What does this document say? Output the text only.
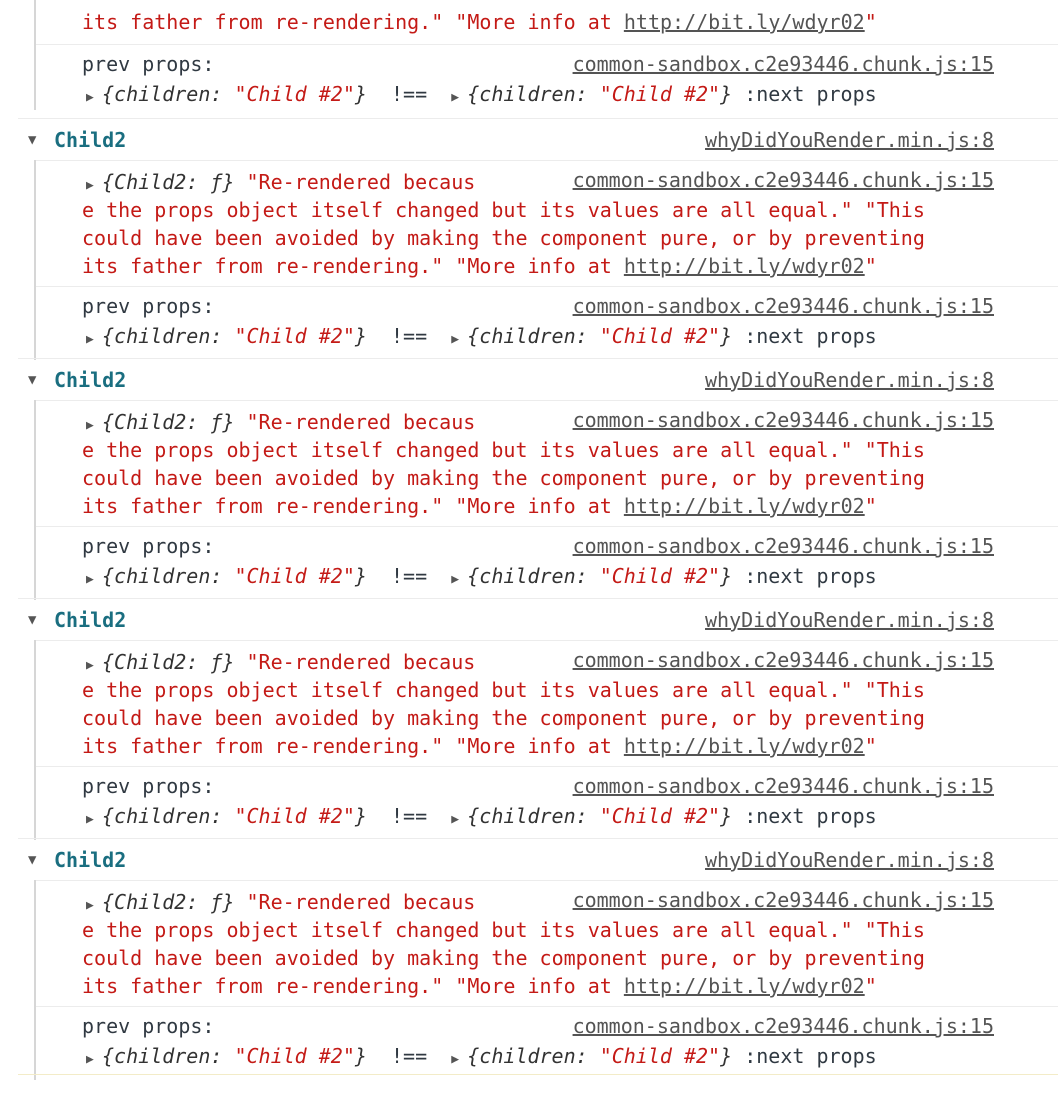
its father from re-rendering." "More info at http://bit.ly/wdyr02"
prev props:	common-sandbox.c2e93446.chunk.js:15
▶ {children: "Child #2"} !== ▶ {children: "Child #2"} :next props
▼ Child2	whyDidYouRender.min.js:8
▶ {Child2: ƒ} "Re-rendered becaus	common-sandbox.c2e93446.chunk.js:15
e the props object itself changed but its values are all equal." "This
could have been avoided by making the component pure, or by preventing
its father from re-rendering." "More info at http://bit.ly/wdyr02"
prev props:	common-sandbox.c2e93446.chunk.js:15
▶ {children: "Child #2"} !== ▶ {children: "Child #2"} :next props
▼ Child2	whyDidYouRender.min.js:8
▶ {Child2: ƒ} "Re-rendered becaus	common-sandbox.c2e93446.chunk.js:15
e the props object itself changed but its values are all equal." "This
could have been avoided by making the component pure, or by preventing
its father from re-rendering." "More info at http://bit.ly/wdyr02"
prev props:	common-sandbox.c2e93446.chunk.js:15
▶ {children: "Child #2"} !== ▶ {children: "Child #2"} :next props
▼ Child2	whyDidYouRender.min.js:8
▶ {Child2: ƒ} "Re-rendered becaus	common-sandbox.c2e93446.chunk.js:15
e the props object itself changed but its values are all equal." "This
could have been avoided by making the component pure, or by preventing
its father from re-rendering." "More info at http://bit.ly/wdyr02"
prev props:	common-sandbox.c2e93446.chunk.js:15
▶ {children: "Child #2"} !== ▶ {children: "Child #2"} :next props
▼ Child2	whyDidYouRender.min.js:8
▶ {Child2: ƒ} "Re-rendered becaus	common-sandbox.c2e93446.chunk.js:15
e the props object itself changed but its values are all equal." "This
could have been avoided by making the component pure, or by preventing
its father from re-rendering." "More info at http://bit.ly/wdyr02"
prev props:	common-sandbox.c2e93446.chunk.js:15
▶ {children: "Child #2"} !== ▶ {children: "Child #2"} :next props
